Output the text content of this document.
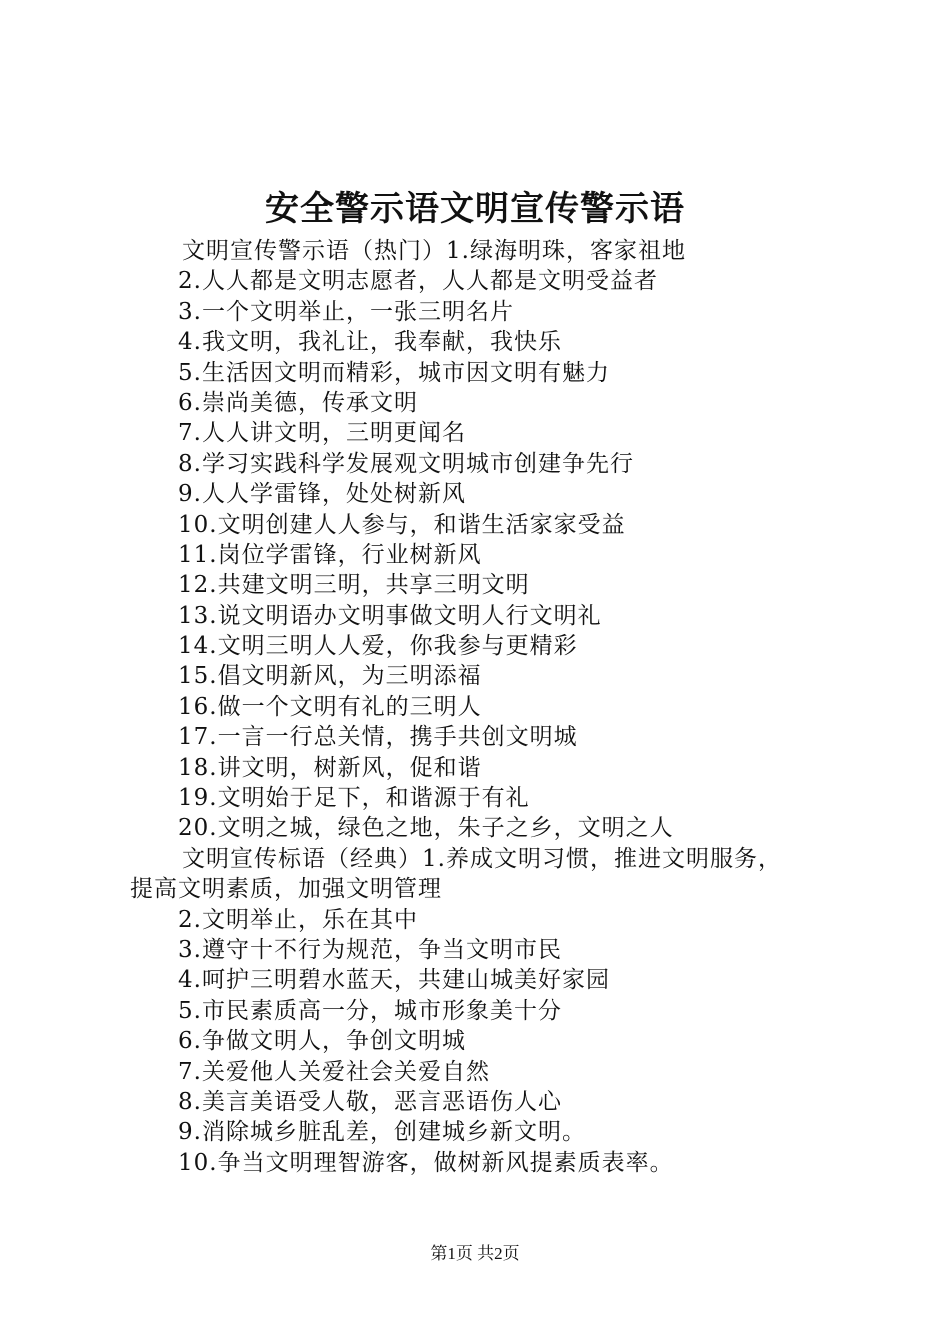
安全警示语文明宣传警示语
文明宣传警示语（热门）1.绿海明珠，客家祖地
2.人人都是文明志愿者，人人都是文明受益者
3.一个文明举止，一张三明名片
4.我文明，我礼让，我奉献，我快乐
5.生活因文明而精彩，城市因文明有魅力
6.崇尚美德，传承文明
7.人人讲文明，三明更闻名
8.学习实践科学发展观文明城市创建争先行
9.人人学雷锋，处处树新风
10.文明创建人人参与，和谐生活家家受益
11.岗位学雷锋，行业树新风
12.共建文明三明，共享三明文明
13.说文明语办文明事做文明人行文明礼
14.文明三明人人爱，你我参与更精彩
15.倡文明新风，为三明添福
16.做一个文明有礼的三明人
17.一言一行总关情，携手共创文明城
18.讲文明，树新风，促和谐
19.文明始于足下，和谐源于有礼
20.文明之城，绿色之地，朱子之乡，文明之人
文明宣传标语（经典）1.养成文明习惯，推进文明服务，
提高文明素质，加强文明管理
2.文明举止，乐在其中
3.遵守十不行为规范，争当文明市民
4.呵护三明碧水蓝天，共建山城美好家园
5.市民素质高一分，城市形象美十分
6.争做文明人，争创文明城
7.关爱他人关爱社会关爱自然
8.美言美语受人敬，恶言恶语伤人心
9.消除城乡脏乱差，创建城乡新文明。
10.争当文明理智游客，做树新风提素质表率。
第1页 共2页
